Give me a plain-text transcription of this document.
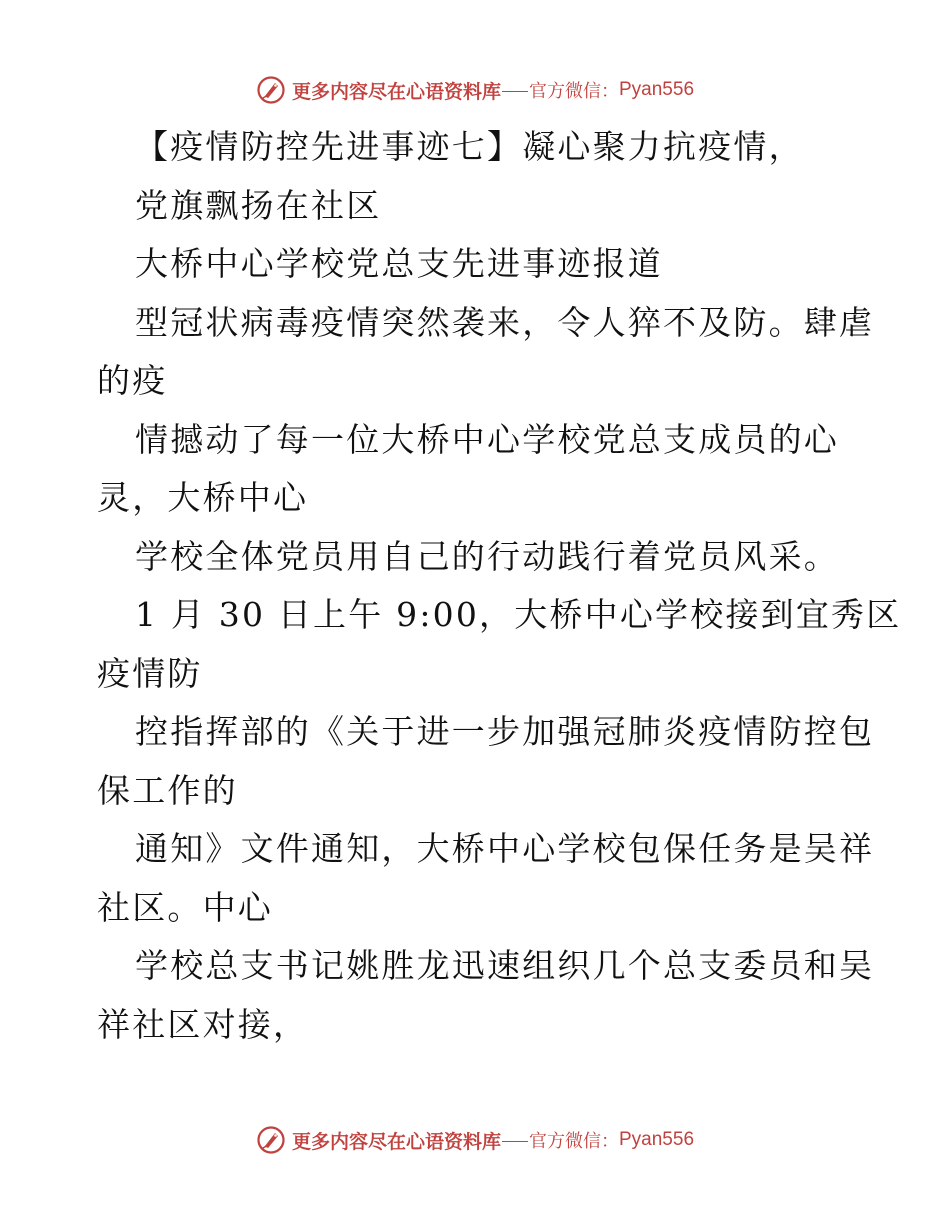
更多内容尽在心语资料库 官方微信： Pyan556
【疫情防控先进事迹七】凝心聚力抗疫情，
党旗飘扬在社区
大桥中心学校党总支先进事迹报道
型冠状病毒疫情突然袭来，令人猝不及防。肆虐
的疫
情撼动了每一位大桥中心学校党总支成员的心
灵，大桥中心
学校全体党员用自己的行动践行着党员风采。
1 月 30 日上午 9:00，大桥中心学校接到宜秀区
疫情防
控指挥部的《关于进一步加强冠肺炎疫情防控包
保工作的
通知》文件通知，大桥中心学校包保任务是吴祥
社区。中心
学校总支书记姚胜龙迅速组织几个总支委员和吴
祥社区对接，
更多内容尽在心语资料库 官方微信： Pyan556
